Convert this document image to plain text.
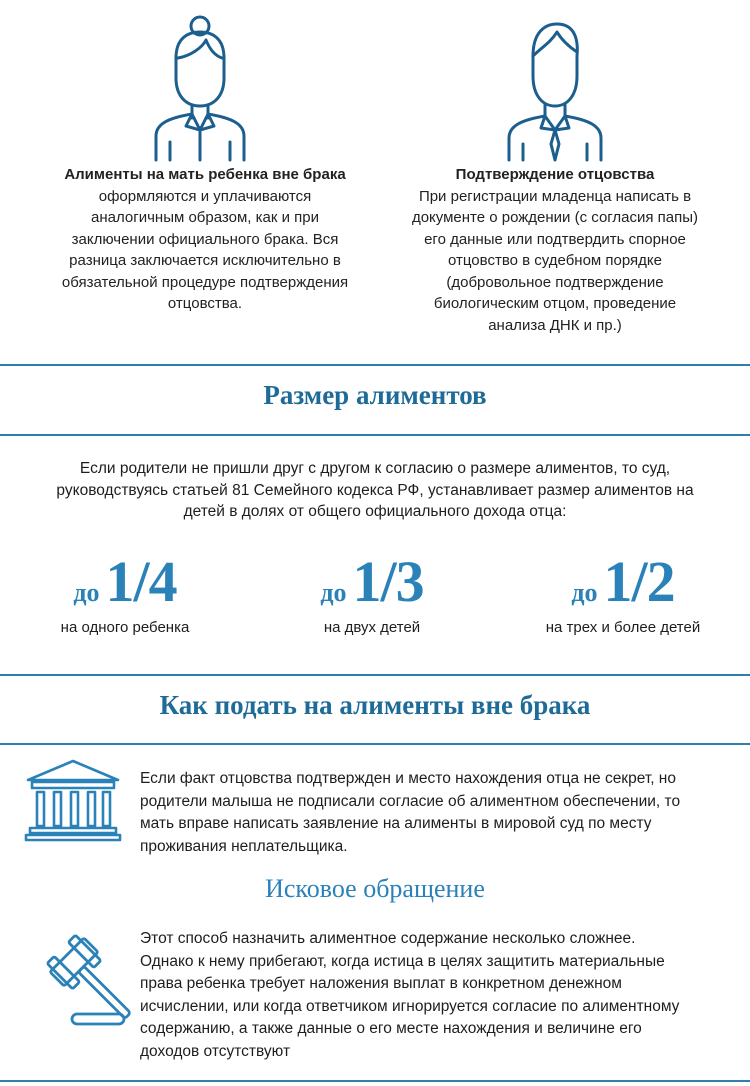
Алименты на мать ребенка вне брака
оформляются и уплачиваются
аналогичным образом, как и при
заключении официального брака. Вся
разница заключается исключительно в
обязательной процедуре подтверждения
отцовства.
Подтверждение отцовства
При регистрации младенца написать в
документе о рождении (с согласия папы)
его данные или подтвердить спорное
отцовство в судебном порядке
(добровольное подтверждение
биологическим отцом, проведение
анализа ДНК и пр.)
Размер алиментов
Если родители не пришли друг с другом к согласию о размере алиментов, то суд,
руководствуясь статьей 81 Семейного кодекса РФ, устанавливает размер алиментов на
детей в долях от общего официального дохода отца:
до 1/4
на одного ребенка
до 1/3
на двух детей
до 1/2
на трех и более детей
Как подать на алименты вне брака
Если факт отцовства подтвержден и место нахождения отца не секрет, но
родители малыша не подписали согласие об алиментном обеспечении, то
мать вправе написать заявление на алименты в мировой суд по месту
проживания неплательщика.
Исковое обращение
Этот способ назначить алиментное содержание несколько сложнее.
Однако к нему прибегают, когда истица в целях защитить материальные
права ребенка требует наложения выплат в конкретном денежном
исчислении, или когда ответчиком игнорируется согласие по алиментному
содержанию, а также данные о его месте нахождения и величине его
доходов отсутствуют
